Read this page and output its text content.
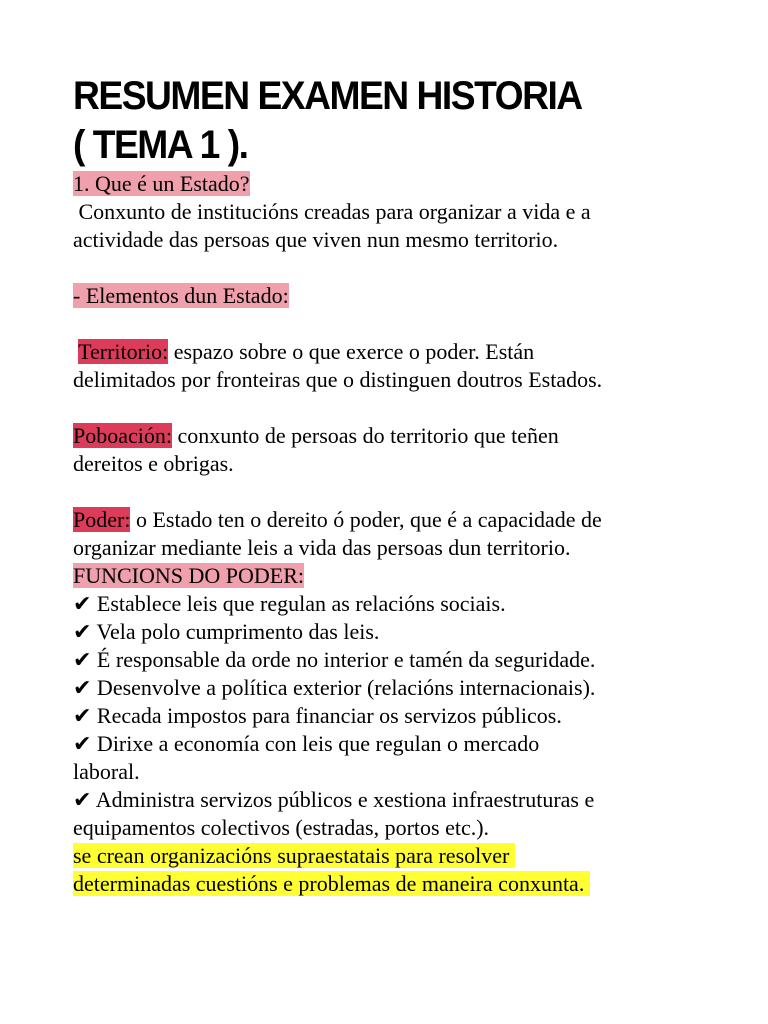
RESUMEN EXAMEN HISTORIA
( TEMA 1 ).
1. Que é un Estado?
Conxunto de institucións creadas para organizar a vida e a
actividade das persoas que viven nun mesmo territorio.
- Elementos dun Estado:
Territorio: espazo sobre o que exerce o poder. Están
delimitados por fronteiras que o distinguen doutros Estados.
Poboación: conxunto de persoas do territorio que teñen
dereitos e obrigas.
Poder: o Estado ten o dereito ó poder, que é a capacidade de
organizar mediante leis a vida das persoas dun territorio.
FUNCIONS DO PODER:
✔ Establece leis que regulan as relacións sociais.
✔ Vela polo cumprimento das leis.
✔ É responsable da orde no interior e tamén da seguridade.
✔ Desenvolve a política exterior (relacións internacionais).
✔ Recada impostos para financiar os servizos públicos.
✔ Dirixe a economía con leis que regulan o mercado
laboral.
✔ Administra servizos públicos e xestiona infraestruturas e
equipamentos colectivos (estradas, portos etc.).
se crean organizacións supraestatais para resolver
determinadas cuestións e problemas de maneira conxunta.
